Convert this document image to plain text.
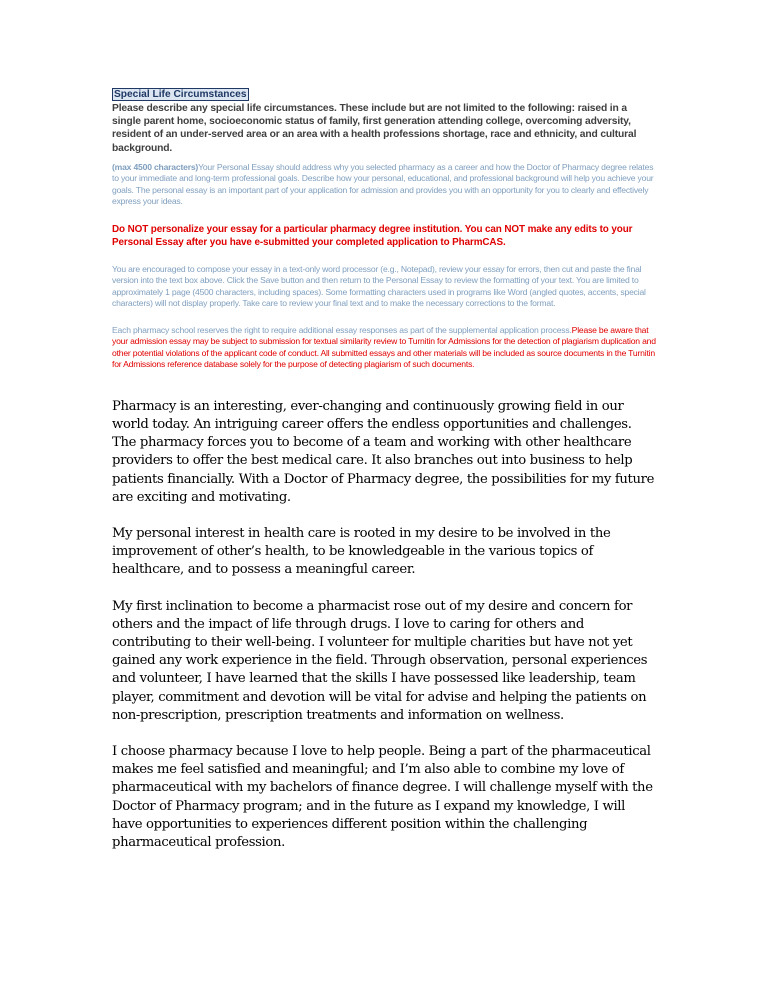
Special Life Circumstances

Please describe any special life circumstances. These include but are not limited to the following: raised in a single parent home, socioeconomic status of family, first generation attending college, overcoming adversity, resident of an under-served area or an area with a health professions shortage, race and ethnicity, and cultural background.

(max 4500 characters)Your Personal Essay should address why you selected pharmacy as a career and how the Doctor of Pharmacy degree relates to your immediate and long-term professional goals. Describe how your personal, educational, and professional background will help you achieve your goals. The personal essay is an important part of your application for admission and provides you with an opportunity for you to clearly and effectively express your ideas.

Do NOT personalize your essay for a particular pharmacy degree institution. You can NOT make any edits to your Personal Essay after you have e-submitted your completed application to PharmCAS.

You are encouraged to compose your essay in a text-only word processor (e.g., Notepad), review your essay for errors, then cut and paste the final version into the text box above. Click the Save button and then return to the Personal Essay to review the formatting of your text. You are limited to approximately 1 page (4500 characters, including spaces). Some formatting characters used in programs like Word (angled quotes, accents, special characters) will not display properly. Take care to review your final text and to make the necessary corrections to the format.

Each pharmacy school reserves the right to require additional essay responses as part of the supplemental application process.Please be aware that your admission essay may be subject to submission for textual similarity review to Turnitin for Admissions for the detection of plagiarism duplication and other potential violations of the applicant code of conduct. All submitted essays and other materials will be included as source documents in the Turnitin for Admissions reference database solely for the purpose of detecting plagiarism of such documents.

Pharmacy is an interesting, ever-changing and continuously growing field in our world today. An intriguing career offers the endless opportunities and challenges. The pharmacy forces you to become of a team and working with other healthcare providers to offer the best medical care. It also branches out into business to help patients financially. With a Doctor of Pharmacy degree, the possibilities for my future are exciting and motivating.

My personal interest in health care is rooted in my desire to be involved in the improvement of other’s health, to be knowledgeable in the various topics of healthcare, and to possess a meaningful career.

My first inclination to become a pharmacist rose out of my desire and concern for others and the impact of life through drugs. I love to caring for others and contributing to their well-being. I volunteer for multiple charities but have not yet gained any work experience in the field. Through observation, personal experiences and volunteer, I have learned that the skills I have possessed like leadership, team player, commitment and devotion will be vital for advise and helping the patients on non-prescription, prescription treatments and information on wellness.

I choose pharmacy because I love to help people. Being a part of the pharmaceutical makes me feel satisfied and meaningful; and I’m also able to combine my love of pharmaceutical with my bachelors of finance degree. I will challenge myself with the Doctor of Pharmacy program; and in the future as I expand my knowledge, I will have opportunities to experiences different position within the challenging pharmaceutical profession.
